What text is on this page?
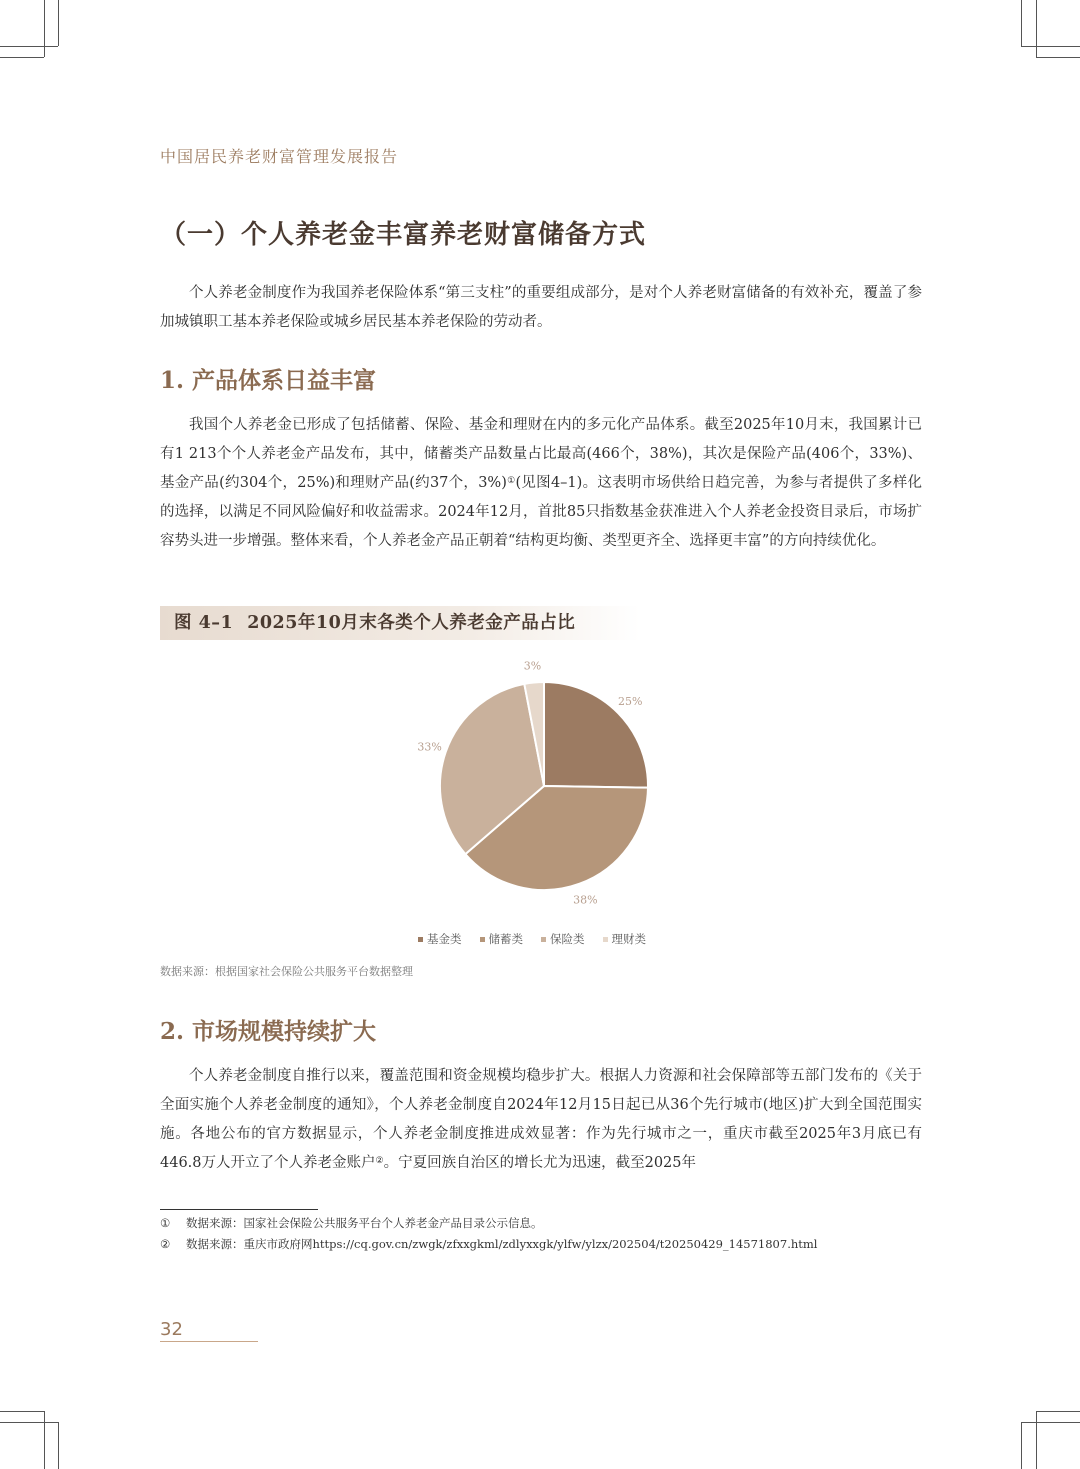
中国居民养老财富管理发展报告
（一）个人养老金丰富养老财富储备方式

个人养老金制度作为我国养老保险体系“第三支柱”的重要组成部分，是对个人养老财富储备的有效补充，覆盖了参加城镇职工基本养老保险或城乡居民基本养老保险的劳动者。

1. 产品体系日益丰富

我国个人养老金已形成了包括储蓄、保险、基金和理财在内的多元化产品体系。截至2025年10月末，我国累计已有1 213个个人养老金产品发布，其中，储蓄类产品数量占比最高(466个，38%)，其次是保险产品(406个，33%)、基金产品(约304个，25%)和理财产品(约37个，3%)①(见图4–1)。这表明市场供给日趋完善，为参与者提供了多样化的选择，以满足不同风险偏好和收益需求。2024年12月，首批85只指数基金获准进入个人养老金投资目录后，市场扩容势头进一步增强。整体来看，个人养老金产品正朝着“结构更均衡、类型更齐全、选择更丰富”的方向持续优化。

图 4–1 2025年10月末各类个人养老金产品占比
25%
38%
33%
3%
基金类 储蓄类 保险类 理财类
数据来源：根据国家社会保险公共服务平台数据整理
2. 市场规模持续扩大

个人养老金制度自推行以来，覆盖范围和资金规模均稳步扩大。根据人力资源和社会保障部等五部门发布的《关于全面实施个人养老金制度的通知》，个人养老金制度自2024年12月15日起已从36个先行城市(地区)扩大到全国范围实施。各地公布的官方数据显示，个人养老金制度推进成效显著：作为先行城市之一，重庆市截至2025年3月底已有446.8万人开立了个人养老金账户②。宁夏回族自治区的增长尤为迅速，截至2025年

① 数据来源：国家社会保险公共服务平台个人养老金产品目录公示信息。
② 数据来源：重庆市政府网https://cq.gov.cn/zwgk/zfxxgkml/zdlyxxgk/ylfw/ylzx/202504/t20250429_14571807.html
32
